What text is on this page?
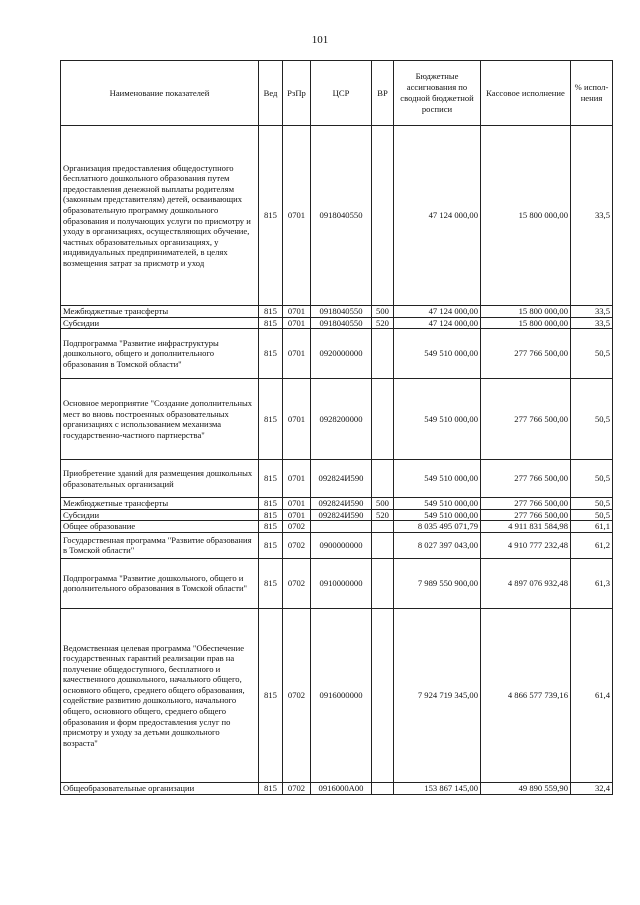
101
Наименование показателей	Вед	РзПр	ЦСР	ВР	Бюджетные ассигнования по сводной бюджетной росписи	Кассовое исполнение	% испол-нения
Организация предоставления общедоступного бесплатного дошкольного образования путем предоставления денежной выплаты родителям (законным представителям) детей, осваивающих образовательную программу дошкольного образования и получающих услуги по присмотру и уходу в организациях, осуществляющих обучение, частных образовательных организациях, у индивидуальных предпринимателей, в целях возмещения затрат за присмотр и уход	815	0701	0918040550		47 124 000,00	15 800 000,00	33,5
Межбюджетные трансферты	815	0701	0918040550	500	47 124 000,00	15 800 000,00	33,5
Субсидии	815	0701	0918040550	520	47 124 000,00	15 800 000,00	33,5
Подпрограмма "Развитие инфраструктуры дошкольного, общего и дополнительного образования в Томской области"	815	0701	0920000000		549 510 000,00	277 766 500,00	50,5
Основное мероприятие "Создание дополнительных мест во вновь построенных образовательных организациях с использованием механизма государственно-частного партнерства"	815	0701	0928200000		549 510 000,00	277 766 500,00	50,5
Приобретение зданий для размещения дошкольных образовательных организаций	815	0701	092824И590		549 510 000,00	277 766 500,00	50,5
Межбюджетные трансферты	815	0701	092824И590	500	549 510 000,00	277 766 500,00	50,5
Субсидии	815	0701	092824И590	520	549 510 000,00	277 766 500,00	50,5
Общее образование	815	0702			8 035 495 071,79	4 911 831 584,98	61,1
Государственная программа "Развитие образования в Томской области"	815	0702	0900000000		8 027 397 043,00	4 910 777 232,48	61,2
Подпрограмма "Развитие дошкольного, общего и дополнительного образования в Томской области"	815	0702	0910000000		7 989 550 900,00	4 897 076 932,48	61,3
Ведомственная целевая программа "Обеспечение государственных гарантий реализации прав на получение общедоступного, бесплатного и качественного дошкольного, начального общего, основного общего, среднего общего образования, содействие развитию дошкольного, начального общего, основного общего, среднего общего образования и форм предоставления услуг по присмотру и уходу за детьми дошкольного возраста"	815	0702	0916000000		7 924 719 345,00	4 866 577 739,16	61,4
Общеобразовательные организации	815	0702	0916000А00		153 867 145,00	49 890 559,90	32,4
